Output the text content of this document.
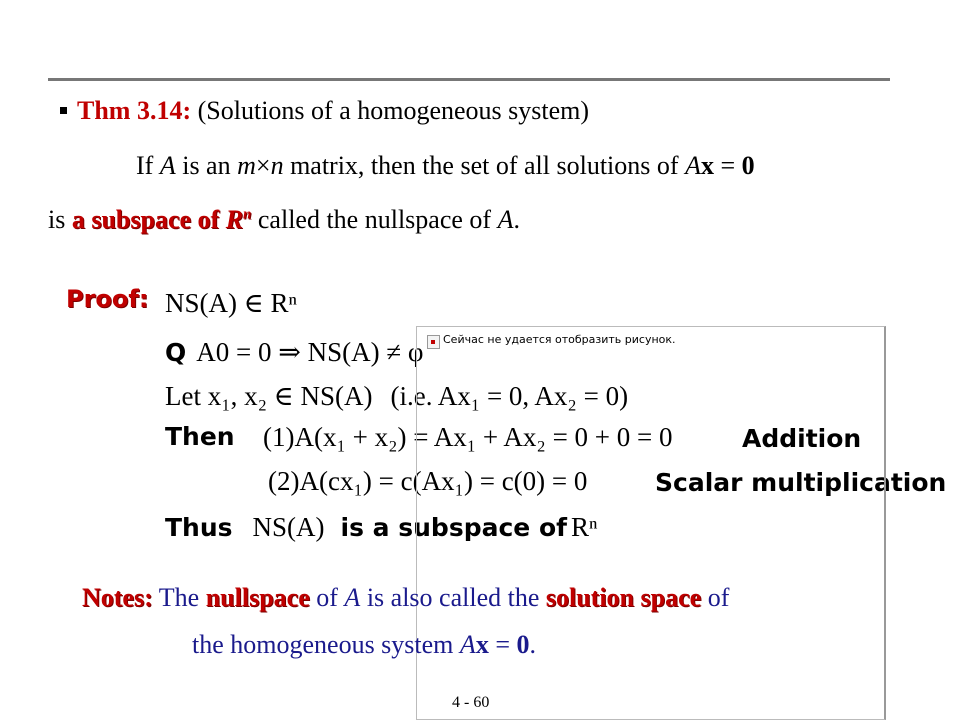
Thm 3.14: (Solutions of a homogeneous system)
If A is an m×n matrix, then the set of all solutions of Ax = 0
is a subspace of $R^n$ called the nullspace of A.
Proof: NS(A) ∈ Rⁿ
Q A0 = 0 ⇒ NS(A) ≠ φ
Let x₁, x₂ ∈ NS(A) (i.e. Ax₁ = 0, Ax₂ = 0)
Then (1)A(x₁ + x₂) = Ax₁ + Ax₂ = 0 + 0 = 0	Addition
(2)A(cx₁) = c(Ax₁) = c(0) = 0	Scalar multiplication
Thus NS(A) is a subspace of Rⁿ
Сейчас не удается отобразить рисунок.
Notes: The nullspace of A is also called the solution space of
the homogeneous system Ax = 0.
4 - 60
